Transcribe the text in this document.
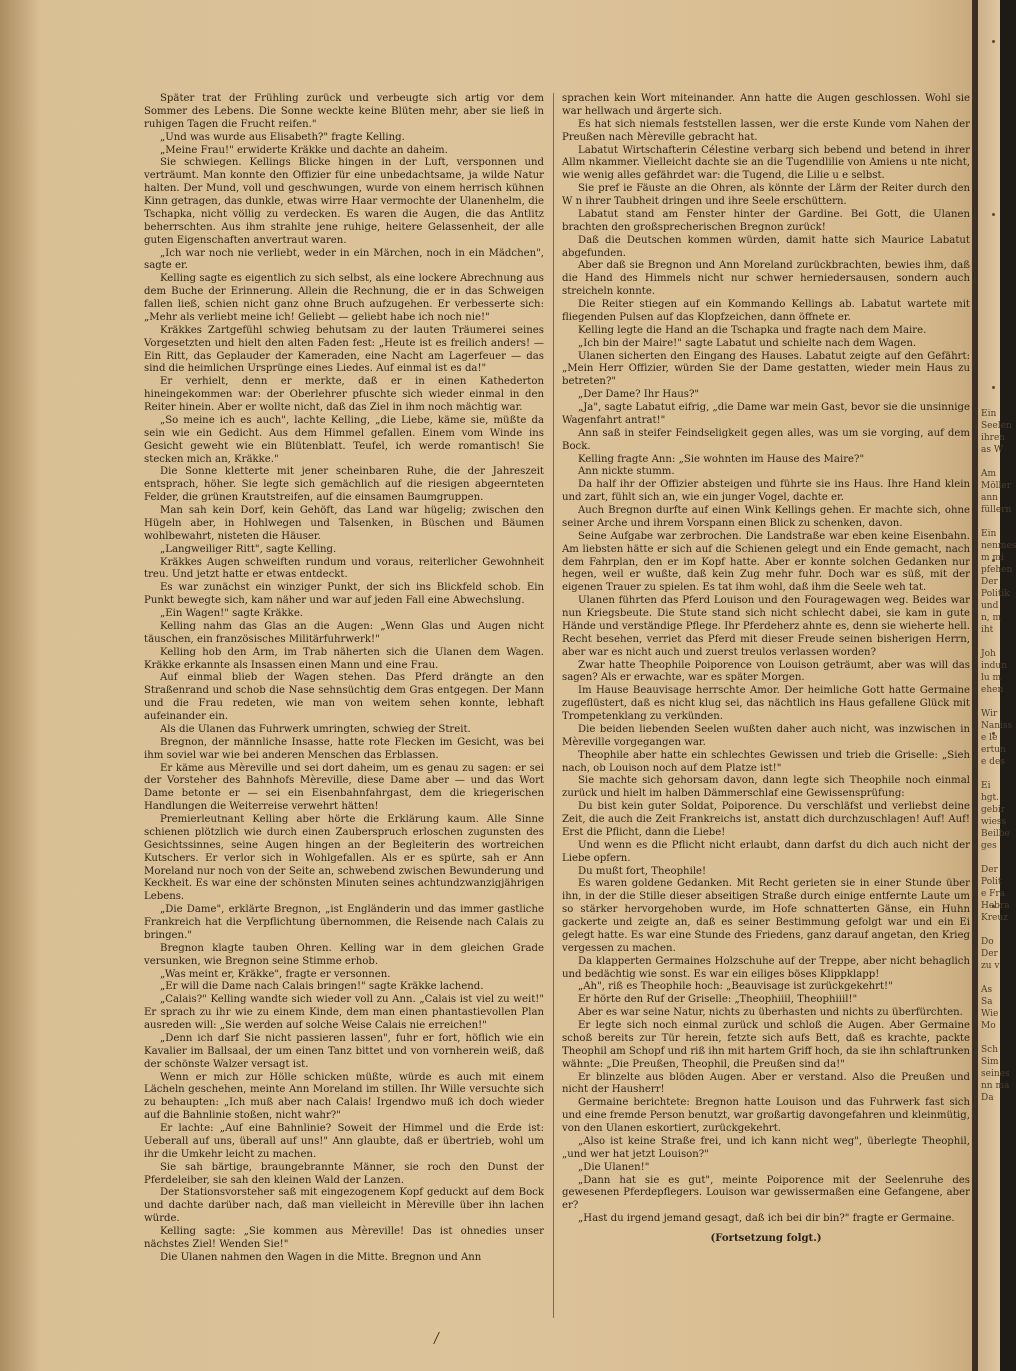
Später trat der Frühling zurück und verbeugte sich artig vor dem Sommer des Lebens. Die Sonne weckte keine Blüten mehr, aber sie ließ in ruhigen Tagen die Frucht reifen."

„Und was wurde aus Elisabeth?" fragte Kelling.

„Meine Frau!" erwiderte Kräkke und dachte an daheim.

Sie schwiegen. Kellings Blicke hingen in der Luft, versponnen und verträumt. Man konnte den Offizier für eine unbedachtsame, ja wilde Natur halten. Der Mund, voll und geschwungen, wurde von einem herrisch kühnen Kinn getragen, das dunkle, etwas wirre Haar vermochte der Ulanenhelm, die Tschapka, nicht völlig zu verdecken. Es waren die Augen, die das Antlitz beherrschten. Aus ihm strahlte jene ruhige, heitere Gelassenheit, der alle guten Eigenschaften anvertraut waren.

„Ich war noch nie verliebt, weder in ein Märchen, noch in ein Mädchen", sagte er.

Kelling sagte es eigentlich zu sich selbst, als eine lockere Abrechnung aus dem Buche der Erinnerung. Allein die Rechnung, die er in das Schweigen fallen ließ, schien nicht ganz ohne Bruch aufzugehen. Er verbesserte sich: „Mehr als verliebt meine ich! Geliebt — geliebt habe ich noch nie!"

Kräkkes Zartgefühl schwieg behutsam zu der lauten Träumerei seines Vorgesetzten und hielt den alten Faden fest: „Heute ist es freilich anders! — Ein Ritt, das Geplauder der Kameraden, eine Nacht am Lagerfeuer — das sind die heimlichen Ursprünge eines Liedes. Auf einmal ist es da!"

Er verhielt, denn er merkte, daß er in einen Kathederton hineingekommen war: der Oberlehrer pfuschte sich wieder einmal in den Reiter hinein. Aber er wollte nicht, daß das Ziel in ihm noch mächtig war.

„So meine ich es auch", lachte Kelling, „die Liebe, käme sie, müßte da sein wie ein Gedicht. Aus dem Himmel gefallen. Einem vom Winde ins Gesicht geweht wie ein Blütenblatt. Teufel, ich werde romantisch! Sie stecken mich an, Kräkke."

Die Sonne kletterte mit jener scheinbaren Ruhe, die der Jahreszeit entsprach, höher. Sie legte sich gemächlich auf die riesigen abgeernteten Felder, die grünen Krautstreifen, auf die einsamen Baumgruppen.

Man sah kein Dorf, kein Gehöft, das Land war hügelig; zwischen den Hügeln aber, in Hohlwegen und Talsenken, in Büschen und Bäumen wohlbewahrt, nisteten die Häuser.

„Langweiliger Ritt", sagte Kelling.

Kräkkes Augen schweiften rundum und voraus, reiterlicher Gewohnheit treu. Und jetzt hatte er etwas entdeckt.

Es war zunächst ein winziger Punkt, der sich ins Blickfeld schob. Ein Punkt bewegte sich, kam näher und war auf jeden Fall eine Abwechslung.

„Ein Wagen!" sagte Kräkke.

Kelling nahm das Glas an die Augen: „Wenn Glas und Augen nicht täuschen, ein französisches Militärfuhrwerk!"

Kelling hob den Arm, im Trab näherten sich die Ulanen dem Wagen. Kräkke erkannte als Insassen einen Mann und eine Frau.

Auf einmal blieb der Wagen stehen. Das Pferd drängte an den Straßenrand und schob die Nase sehnsüchtig dem Gras entgegen. Der Mann und die Frau redeten, wie man von weitem sehen konnte, lebhaft aufeinander ein.

Als die Ulanen das Fuhrwerk umringten, schwieg der Streit.

Bregnon, der männliche Insasse, hatte rote Flecken im Gesicht, was bei ihm soviel war wie bei anderen Menschen das Erblassen.

Er käme aus Mèreville und sei dort daheim, um es genau zu sagen: er sei der Vorsteher des Bahnhofs Mèreville, diese Dame aber — und das Wort Dame betonte er — sei ein Eisenbahnfahrgast, dem die kriegerischen Handlungen die Weiterreise verwehrt hätten!

Premierleutnant Kelling aber hörte die Erklärung kaum. Alle Sinne schienen plötzlich wie durch einen Zauberspruch erloschen zugunsten des Gesichtssinnes, seine Augen hingen an der Begleiterin des wortreichen Kutschers. Er verlor sich in Wohlgefallen. Als er es spürte, sah er Ann Moreland nur noch von der Seite an, schwebend zwischen Bewunderung und Keckheit. Es war eine der schönsten Minuten seines achtundzwanzigjährigen Lebens.

„Die Dame", erklärte Bregnon, „ist Engländerin und das immer gastliche Frankreich hat die Verpflichtung übernommen, die Reisende nach Calais zu bringen."

Bregnon klagte tauben Ohren. Kelling war in dem gleichen Grade versunken, wie Bregnon seine Stimme erhob.

„Was meint er, Kräkke", fragte er versonnen.

„Er will die Dame nach Calais bringen!" sagte Kräkke lachend.

„Calais?" Kelling wandte sich wieder voll zu Ann. „Calais ist viel zu weit!" Er sprach zu ihr wie zu einem Kinde, dem man einen phantastievollen Plan ausreden will: „Sie werden auf solche Weise Calais nie erreichen!"

„Denn ich darf Sie nicht passieren lassen", fuhr er fort, höflich wie ein Kavalier im Ballsaal, der um einen Tanz bittet und von vornherein weiß, daß der schönste Walzer versagt ist.

Wenn er mich zur Hölle schicken müßte, würde es auch mit einem Lächeln geschehen, meinte Ann Moreland im stillen. Ihr Wille versuchte sich zu behaupten: „Ich muß aber nach Calais! Irgendwo muß ich doch wieder auf die Bahnlinie stoßen, nicht wahr?"

Er lachte: „Auf eine Bahnlinie? Soweit der Himmel und die Erde ist: Ueberall auf uns, überall auf uns!" Ann glaubte, daß er übertrieb, wohl um ihr die Umkehr leicht zu machen.

Sie sah bärtige, braungebrannte Männer, sie roch den Dunst der Pferdeleiber, sie sah den kleinen Wald der Lanzen.

Der Stationsvorsteher saß mit eingezogenem Kopf geduckt auf dem Bock und dachte darüber nach, daß man vielleicht in Mèreville über ihn lachen würde.

Kelling sagte: „Sie kommen aus Mèreville! Das ist ohnedies unser nächstes Ziel! Wenden Sie!"

Die Ulanen nahmen den Wagen in die Mitte. Bregnon und Ann

sprachen kein Wort miteinander. Ann hatte die Augen geschlossen. Wohl sie war hellwach und ärgerte sich.

Es hat sich niemals feststellen lassen, wer die erste Kunde vom Nahen der Preußen nach Mèreville gebracht hat.

Labatut Wirtschafterin Célestine verbarg sich bebend und betend in ihrer Allm nkammer. Vielleicht dachte sie an die Tugendlilie von Amiens u nte nicht, wie wenig alles gefährdet war: die Tugend, die Lilie u e selbst.

Sie pref ie Fäuste an die Ohren, als könnte der Lärm der Reiter durch den W n ihrer Taubheit dringen und ihre Seele erschüttern.

Labatut stand am Fenster hinter der Gardine. Bei Gott, die Ulanen brachten den großsprecherischen Bregnon zurück!

Daß die Deutschen kommen würden, damit hatte sich Maurice Labatut abgefunden.

Aber daß sie Bregnon und Ann Moreland zurückbrachten, bewies ihm, daß die Hand des Himmels nicht nur schwer herniedersausen, sondern auch streicheln konnte.

Die Reiter stiegen auf ein Kommando Kellings ab. Labatut wartete mit fliegenden Pulsen auf das Klopfzeichen, dann öffnete er.

Kelling legte die Hand an die Tschapka und fragte nach dem Maire.

„Ich bin der Maire!" sagte Labatut und schielte nach dem Wagen.

Ulanen sicherten den Eingang des Hauses. Labatut zeigte auf den Gefährt: „Mein Herr Offizier, würden Sie der Dame gestatten, wieder mein Haus zu betreten?"

„Der Dame? Ihr Haus?"

„Ja", sagte Labatut eifrig, „die Dame war mein Gast, bevor sie die unsinnige Wagenfahrt antrat!"

Ann saß in steifer Feindseligkeit gegen alles, was um sie vorging, auf dem Bock.

Kelling fragte Ann: „Sie wohnten im Hause des Maire?"

Ann nickte stumm.

Da half ihr der Offizier absteigen und führte sie ins Haus. Ihre Hand klein und zart, fühlt sich an, wie ein junger Vogel, dachte er.

Auch Bregnon durfte auf einen Wink Kellings gehen. Er machte sich, ohne seiner Arche und ihrem Vorspann einen Blick zu schenken, davon.

Seine Aufgabe war zerbrochen. Die Landstraße war eben keine Eisenbahn. Am liebsten hätte er sich auf die Schienen gelegt und ein Ende gemacht, nach dem Fahrplan, den er im Kopf hatte. Aber er konnte solchen Gedanken nur hegen, weil er wußte, daß kein Zug mehr fuhr. Doch war es süß, mit der eigenen Trauer zu spielen. Es tat ihm wohl, daß ihm die Seele weh tat.

Ulanen führten das Pferd Louison und den Fouragewagen weg. Beides war nun Kriegsbeute. Die Stute stand sich nicht schlecht dabei, sie kam in gute Hände und verständige Pflege. Ihr Pferdeherz ahnte es, denn sie wieherte hell. Recht besehen, verriet das Pferd mit dieser Freude seinen bisherigen Herrn, aber war es nicht auch und zuerst treulos verlassen worden?

Zwar hatte Theophile Poiporence von Louison geträumt, aber was will das sagen? Als er erwachte, war es später Morgen.

Im Hause Beauvisage herrschte Amor. Der heimliche Gott hatte Germaine zugeflüstert, daß es nicht klug sei, das nächtlich ins Haus gefallene Glück mit Trompetenklang zu verkünden.

Die beiden liebenden Seelen wußten daher auch nicht, was inzwischen in Mèreville vorgegangen war.

Theophile aber hatte ein schlechtes Gewissen und trieb die Griselle: „Sieh nach, ob Louison noch auf dem Platze ist!"

Sie machte sich gehorsam davon, dann legte sich Theophile noch einmal zurück und hielt im halben Dämmerschlaf eine Gewissensprüfung:

Du bist kein guter Soldat, Poiporence. Du verschläfst und verliebst deine Zeit, die auch die Zeit Frankreichs ist, anstatt dich durchzuschlagen! Auf! Auf! Erst die Pflicht, dann die Liebe!

Und wenn es die Pflicht nicht erlaubt, dann darfst du dich auch nicht der Liebe opfern.

Du mußt fort, Theophile!

Es waren goldene Gedanken. Mit Recht gerieten sie in einer Stunde über ihn, in der die Stille dieser abseitigen Straße durch einige entfernte Laute um so stärker hervorgehoben wurde, im Hofe schnatterten Gänse, ein Huhn gackerte und zeigte an, daß es seiner Bestimmung gefolgt war und ein Ei gelegt hatte. Es war eine Stunde des Friedens, ganz darauf angetan, den Krieg vergessen zu machen.

Da klapperten Germaines Holzschuhe auf der Treppe, aber nicht behaglich und bedächtig wie sonst. Es war ein eiliges böses Klippklapp!

„Ah", riß es Theophile hoch: „Beauvisage ist zurückgekehrt!"

Er hörte den Ruf der Griselle: „Theophiiil, Theophiiil!"

Aber es war seine Natur, nichts zu überhasten und nichts zu überfürchten.

Er legte sich noch einmal zurück und schloß die Augen. Aber Germaine schoß bereits zur Tür herein, fetzte sich aufs Bett, daß es krachte, packte Theophil am Schopf und riß ihn mit hartem Griff hoch, da sie ihn schlaftrunken wähnte: „Die Preußen, Theophil, die Preußen sind da!"

Er blinzelte aus blöden Augen. Aber er verstand. Also die Preußen und nicht der Hausherr!

Germaine berichtete: Bregnon hatte Louison und das Fuhrwerk fast sich und eine fremde Person benutzt, war großartig davongefahren und kleinmütig, von den Ulanen eskortiert, zurückgekehrt.

„Also ist keine Straße frei, und ich kann nicht weg", überlegte Theophil, „und wer hat jetzt Louison?"

„Die Ulanen!"

„Dann hat sie es gut", meinte Poiporence mit der Seelenruhe des gewesenen Pferdepflegers. Louison war gewissermaßen eine Gefangene, aber er?

„Hast du irgend jemand gesagt, daß ich bei dir bin?" fragte er Germaine.

(Fortsetzung folgt.)

Ein
Seelen
ihren
as W

Am
Möller
ann
füllern

Ein
nenmes
m mi
pfehen
Der
Politik
und
n, m
iht

Joh
indun
lu m
ehen

Wir
Naniss
e le
ertun
e des

Ei
hgt.
gebir
wiess
Beilbe
ges

Der
Polit
e Fra
Hebra
Kreuz

Do
Der
zu v

As
Sa
Wie
Mo

Sch
Sim
seines
nn ma
Da
